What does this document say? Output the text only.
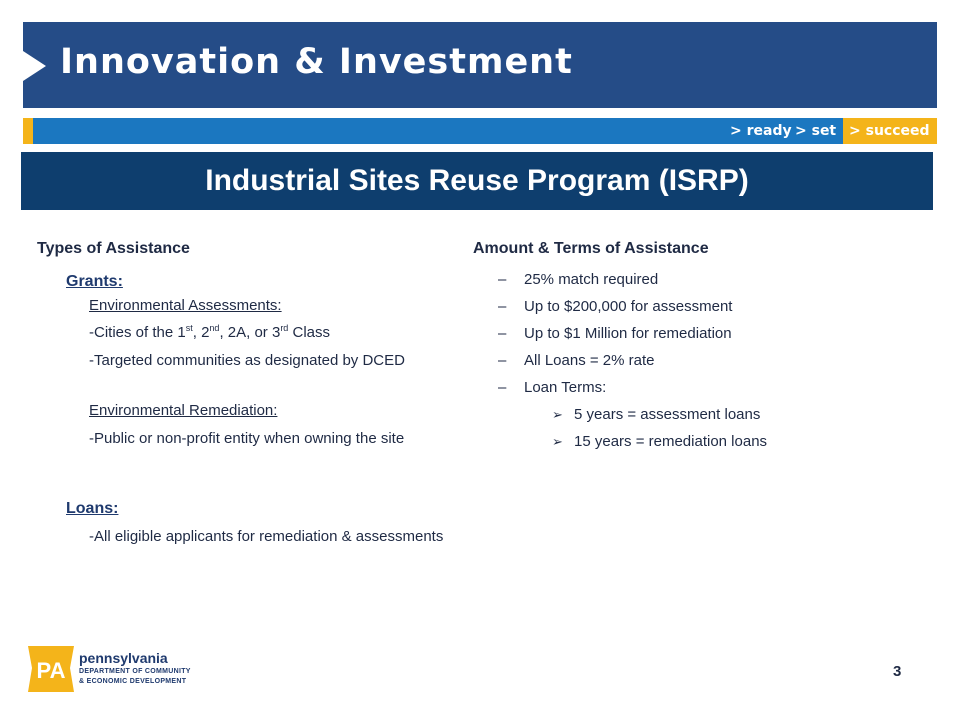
Innovation & Investment
> ready > set > succeed
Industrial Sites Reuse Program (ISRP)
Types of Assistance
Grants:
Environmental Assessments:
-Cities of the 1st, 2nd, 2A, or 3rd Class
-Targeted communities as designated by DCED
Environmental Remediation:
-Public or non-profit entity when owning the site
Loans:
-All eligible applicants for remediation & assessments
Amount & Terms of Assistance
–	25% match required
–	Up to $200,000 for assessment
–	Up to $1 Million for remediation
–	All Loans = 2% rate
–	Loan Terms:
➢ 5 years = assessment loans
➢ 15 years = remediation loans
PA pennsylvania
DEPARTMENT OF COMMUNITY
& ECONOMIC DEVELOPMENT
3
